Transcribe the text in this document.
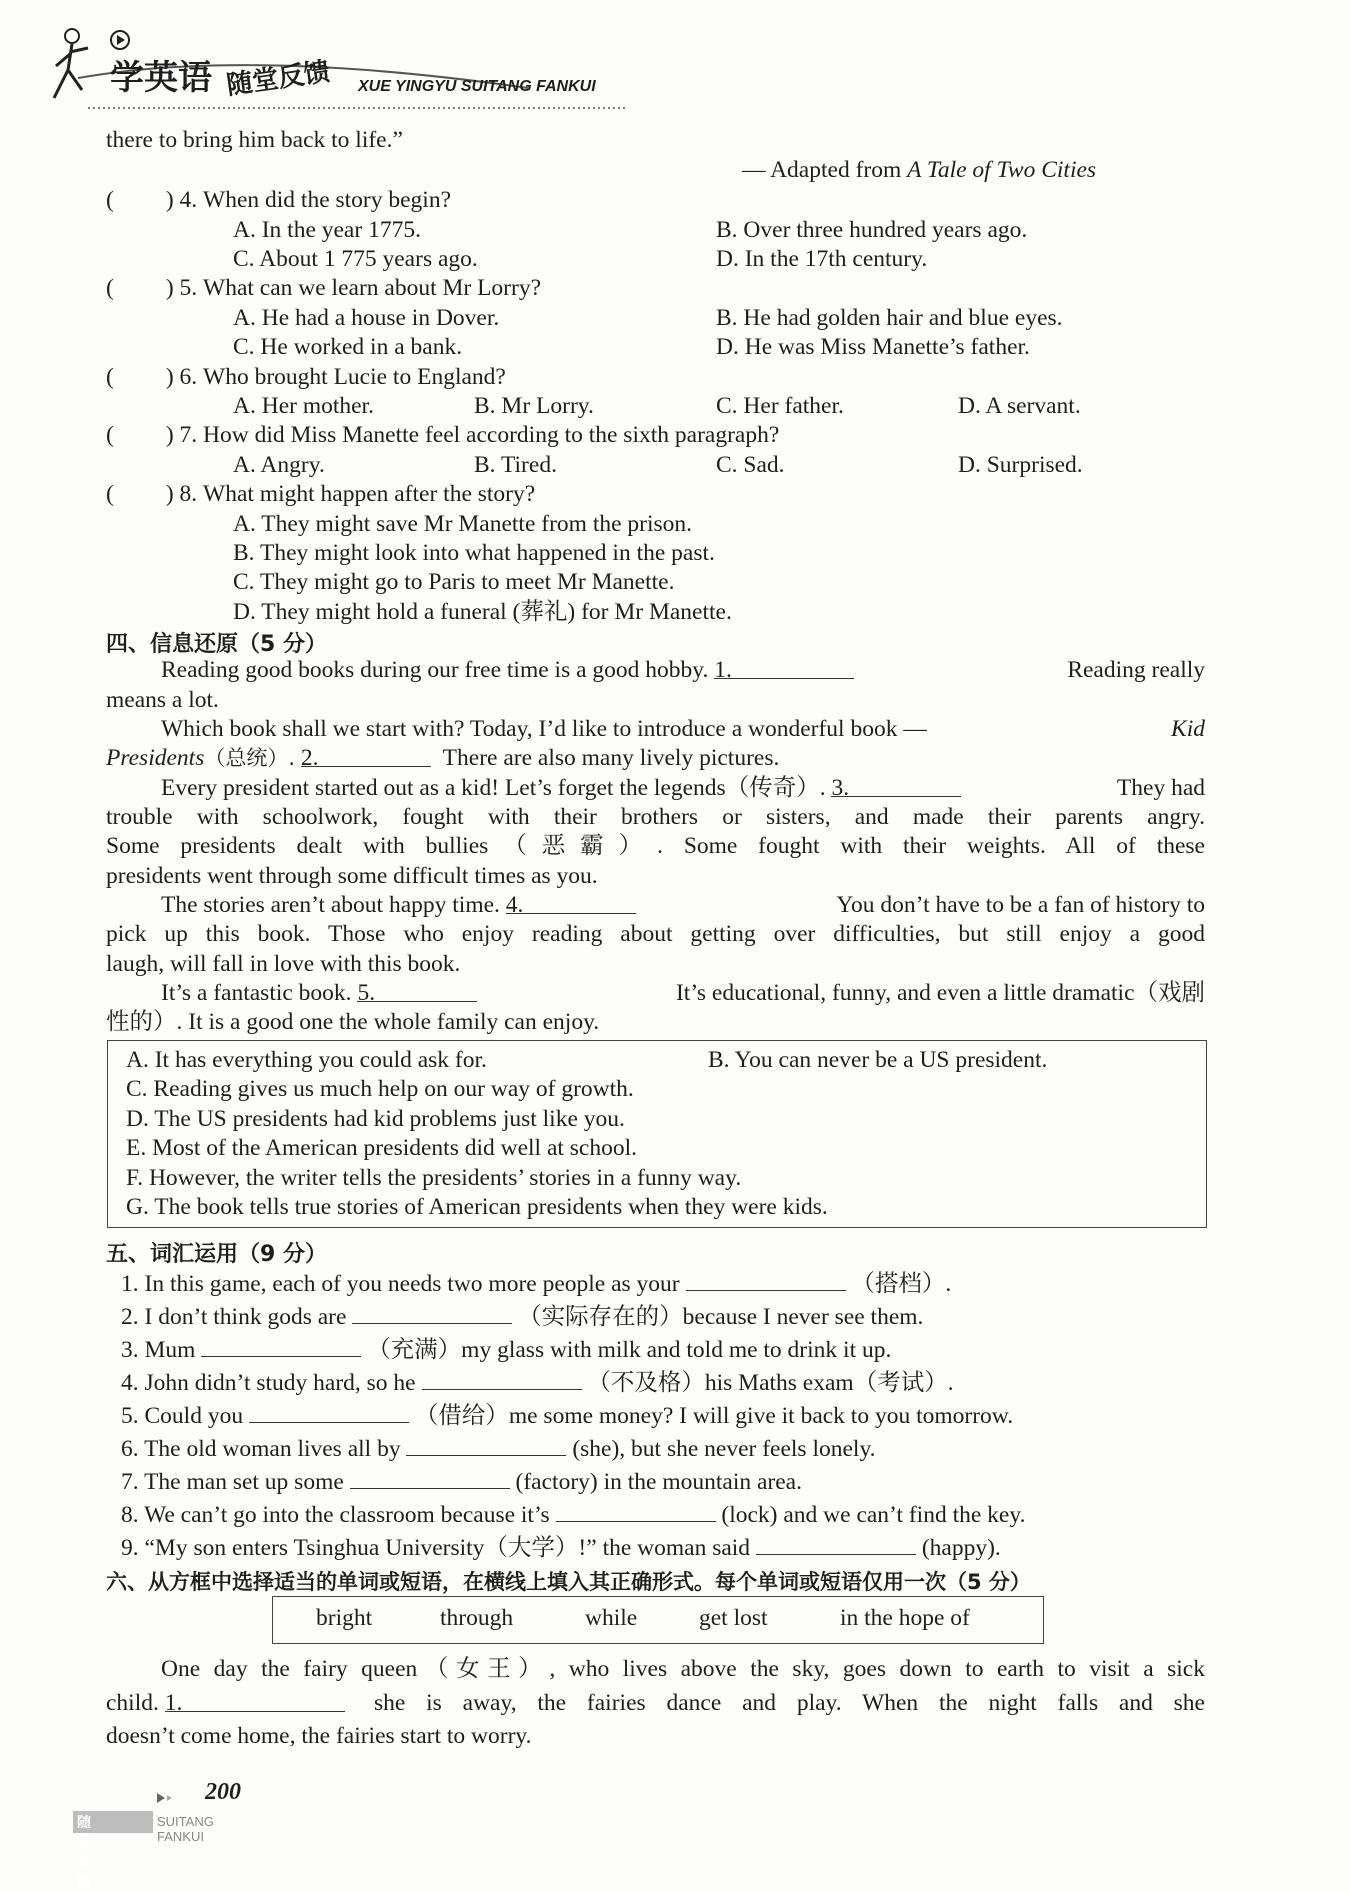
学英语 随堂反馈 XUE YINGYU SUITANG FANKUI
there to bring him back to life.”
— Adapted from A Tale of Two Cities
( ) 4. When did the story begin?
A. In the year 1775.	B. Over three hundred years ago.
C. About 1 775 years ago.	D. In the 17th century.
( ) 5. What can we learn about Mr Lorry?
A. He had a house in Dover.	B. He had golden hair and blue eyes.
C. He worked in a bank.	D. He was Miss Manette’s father.
( ) 6. Who brought Lucie to England?
A. Her mother.	B. Mr Lorry.	C. Her father.	D. A servant.
( ) 7. How did Miss Manette feel according to the sixth paragraph?
A. Angry.	B. Tired.	C. Sad.	D. Surprised.
( ) 8. What might happen after the story?
A. They might save Mr Manette from the prison.
B. They might look into what happened in the past.
C. They might go to Paris to meet Mr Manette.
D. They might hold a funeral (葬礼) for Mr Manette.
四、信息还原（5 分）
Reading good books during our free time is a good hobby. 1.	Reading really
means a lot.
Which book shall we start with? Today, I’d like to introduce a wonderful book —	Kid
Presidents（总统）. 2.	There are also many lively pictures.
Every president started out as a kid! Let’s forget the legends（传奇）. 3.	They had
trouble with schoolwork, fought with their brothers or sisters, and made their parents angry.
Some presidents dealt with bullies（恶霸）. Some fought with their weights. All of these
presidents went through some difficult times as you.
The stories aren’t about happy time. 4.	You don’t have to be a fan of history to
pick up this book. Those who enjoy reading about getting over difficulties, but still enjoy a good
laugh, will fall in love with this book.
It’s a fantastic book. 5.	It’s educational, funny, and even a little dramatic（戏剧
性的）. It is a good one the whole family can enjoy.
A. It has everything you could ask for.	B. You can never be a US president.
C. Reading gives us much help on our way of growth.
D. The US presidents had kid problems just like you.
E. Most of the American presidents did well at school.
F. However, the writer tells the presidents’ stories in a funny way.
G. The book tells true stories of American presidents when they were kids.
五、词汇运用（9 分）
1. In this game, each of you needs two more people as your	（搭档）.
2. I don’t think gods are	（实际存在的）because I never see them.
3. Mum	（充满）my glass with milk and told me to drink it up.
4. John didn’t study hard, so he	（不及格）his Maths exam（考试）.
5. Could you	（借给）me some money? I will give it back to you tomorrow.
6. The old woman lives all by	(she), but she never feels lonely.
7. The man set up some	(factory) in the mountain area.
8. We can’t go into the classroom because it’s	(lock) and we can’t find the key.
9. “My son enters Tsinghua University（大学）!” the woman said	(happy).
六、从方框中选择适当的单词或短语，在横线上填入其正确形式。每个单词或短语仅用一次（5 分）
bright	through	while	get lost	in the hope of
One day the fairy queen（女王）, who lives above the sky, goes down to earth to visit a sick
child. 1.	she is away, the fairies dance and play. When the night falls and she
doesn’t come home, the fairies start to worry.
200
随堂反馈
SUITANG FANKUI
